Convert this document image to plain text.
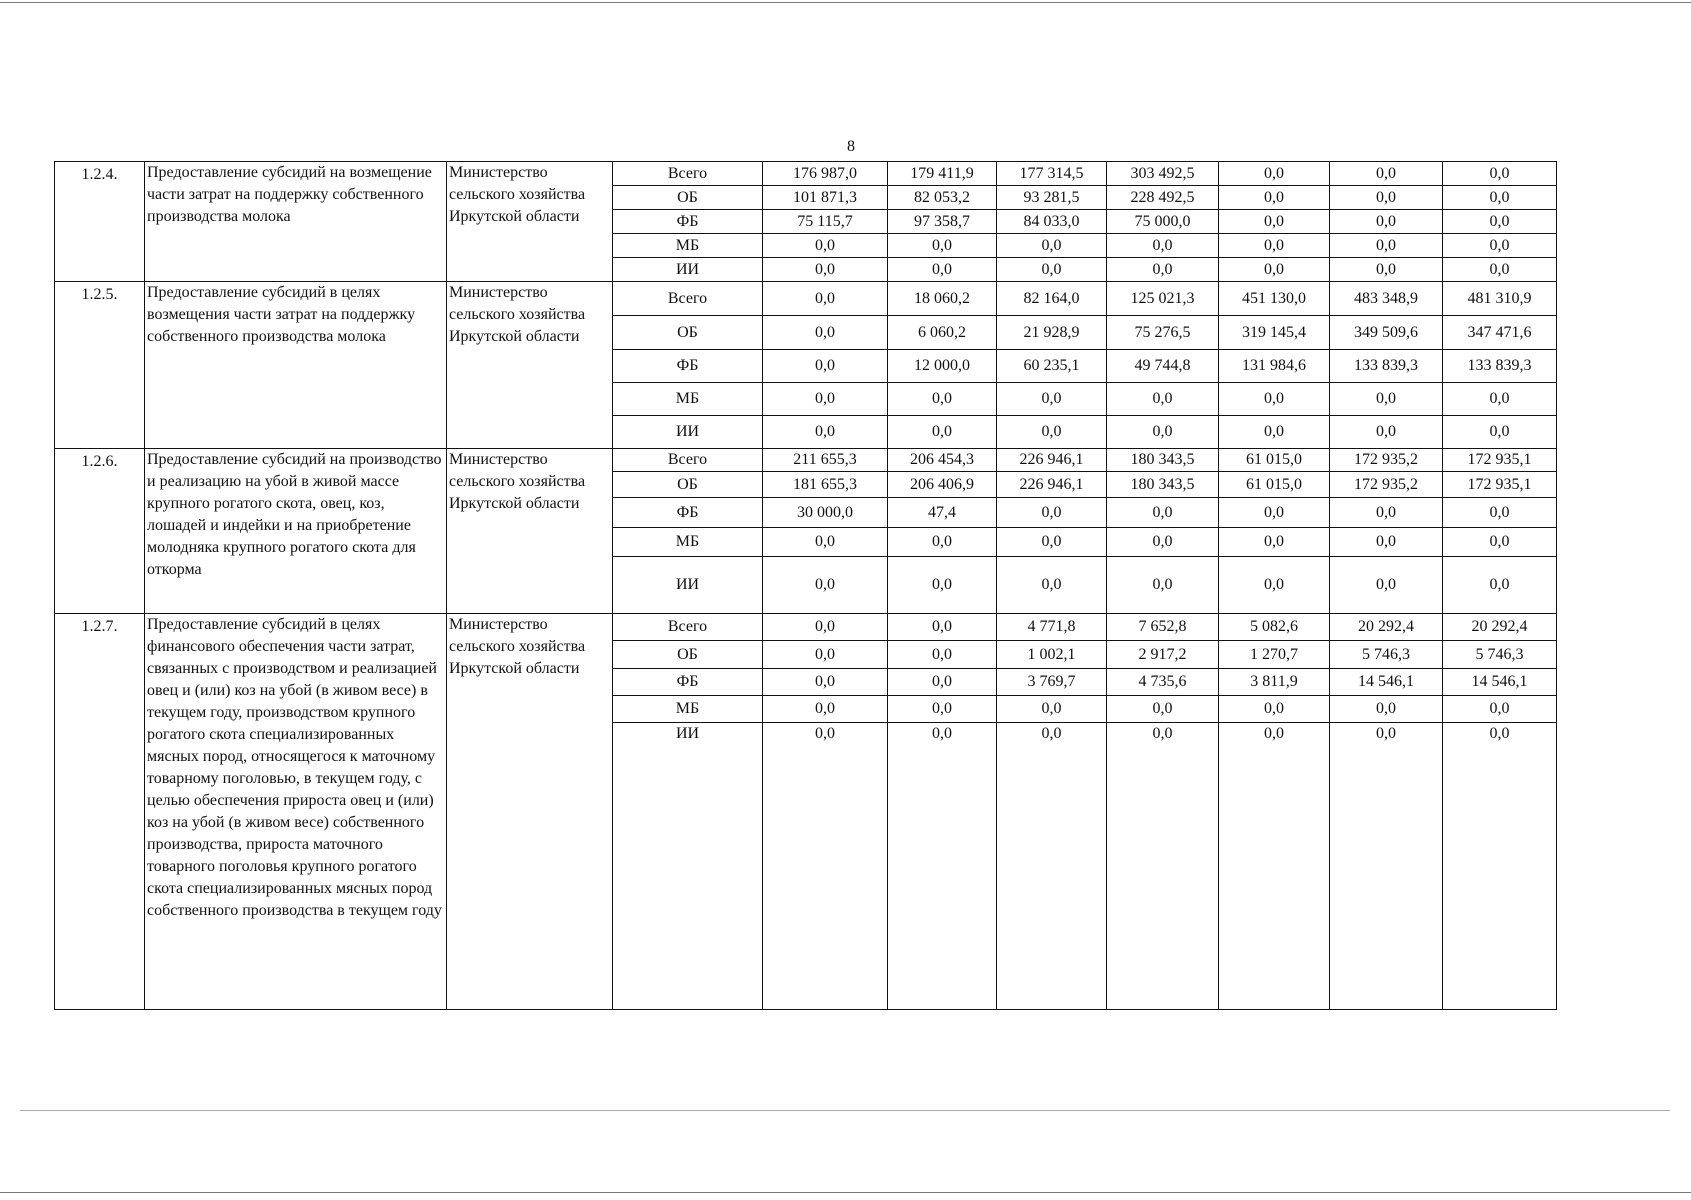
8
1.2.4.	Предоставление субсидий на возмещение части затрат на поддержку собственного производства молока	Министерство сельского хозяйства Иркутской области	Всего	176 987,0	179 411,9	177 314,5	303 492,5	0,0	0,0	0,0
			ОБ	101 871,3	82 053,2	93 281,5	228 492,5	0,0	0,0	0,0
			ФБ	75 115,7	97 358,7	84 033,0	75 000,0	0,0	0,0	0,0
			МБ	0,0	0,0	0,0	0,0	0,0	0,0	0,0
			ИИ	0,0	0,0	0,0	0,0	0,0	0,0	0,0
1.2.5.	Предоставление субсидий в целях возмещения части затрат на поддержку собственного производства молока	Министерство сельского хозяйства Иркутской области	Всего	0,0	18 060,2	82 164,0	125 021,3	451 130,0	483 348,9	481 310,9
			ОБ	0,0	6 060,2	21 928,9	75 276,5	319 145,4	349 509,6	347 471,6
			ФБ	0,0	12 000,0	60 235,1	49 744,8	131 984,6	133 839,3	133 839,3
			МБ	0,0	0,0	0,0	0,0	0,0	0,0	0,0
			ИИ	0,0	0,0	0,0	0,0	0,0	0,0	0,0
1.2.6.	Предоставление субсидий на производство и реализацию на убой в живой массе крупного рогатого скота, овец, коз, лошадей и индейки и на приобретение молодняка крупного рогатого скота для откорма	Министерство сельского хозяйства Иркутской области	Всего	211 655,3	206 454,3	226 946,1	180 343,5	61 015,0	172 935,2	172 935,1
			ОБ	181 655,3	206 406,9	226 946,1	180 343,5	61 015,0	172 935,2	172 935,1
			ФБ	30 000,0	47,4	0,0	0,0	0,0	0,0	0,0
			МБ	0,0	0,0	0,0	0,0	0,0	0,0	0,0
			ИИ	0,0	0,0	0,0	0,0	0,0	0,0	0,0
1.2.7.	Предоставление субсидий в целях финансового обеспечения части затрат, связанных с производством и реализацией овец и (или) коз на убой (в живом весе) в текущем году, производством крупного рогатого скота специализированных мясных пород, относящегося к маточному товарному поголовью, в текущем году, с целью обеспечения прироста овец и (или) коз на убой (в живом весе) собственного производства, прироста маточного товарного поголовья крупного рогатого скота специализированных мясных пород собственного производства в текущем году	Министерство сельского хозяйства Иркутской области	Всего	0,0	0,0	4 771,8	7 652,8	5 082,6	20 292,4	20 292,4
			ОБ	0,0	0,0	1 002,1	2 917,2	1 270,7	5 746,3	5 746,3
			ФБ	0,0	0,0	3 769,7	4 735,6	3 811,9	14 546,1	14 546,1
			МБ	0,0	0,0	0,0	0,0	0,0	0,0	0,0
			ИИ	0,0	0,0	0,0	0,0	0,0	0,0	0,0
